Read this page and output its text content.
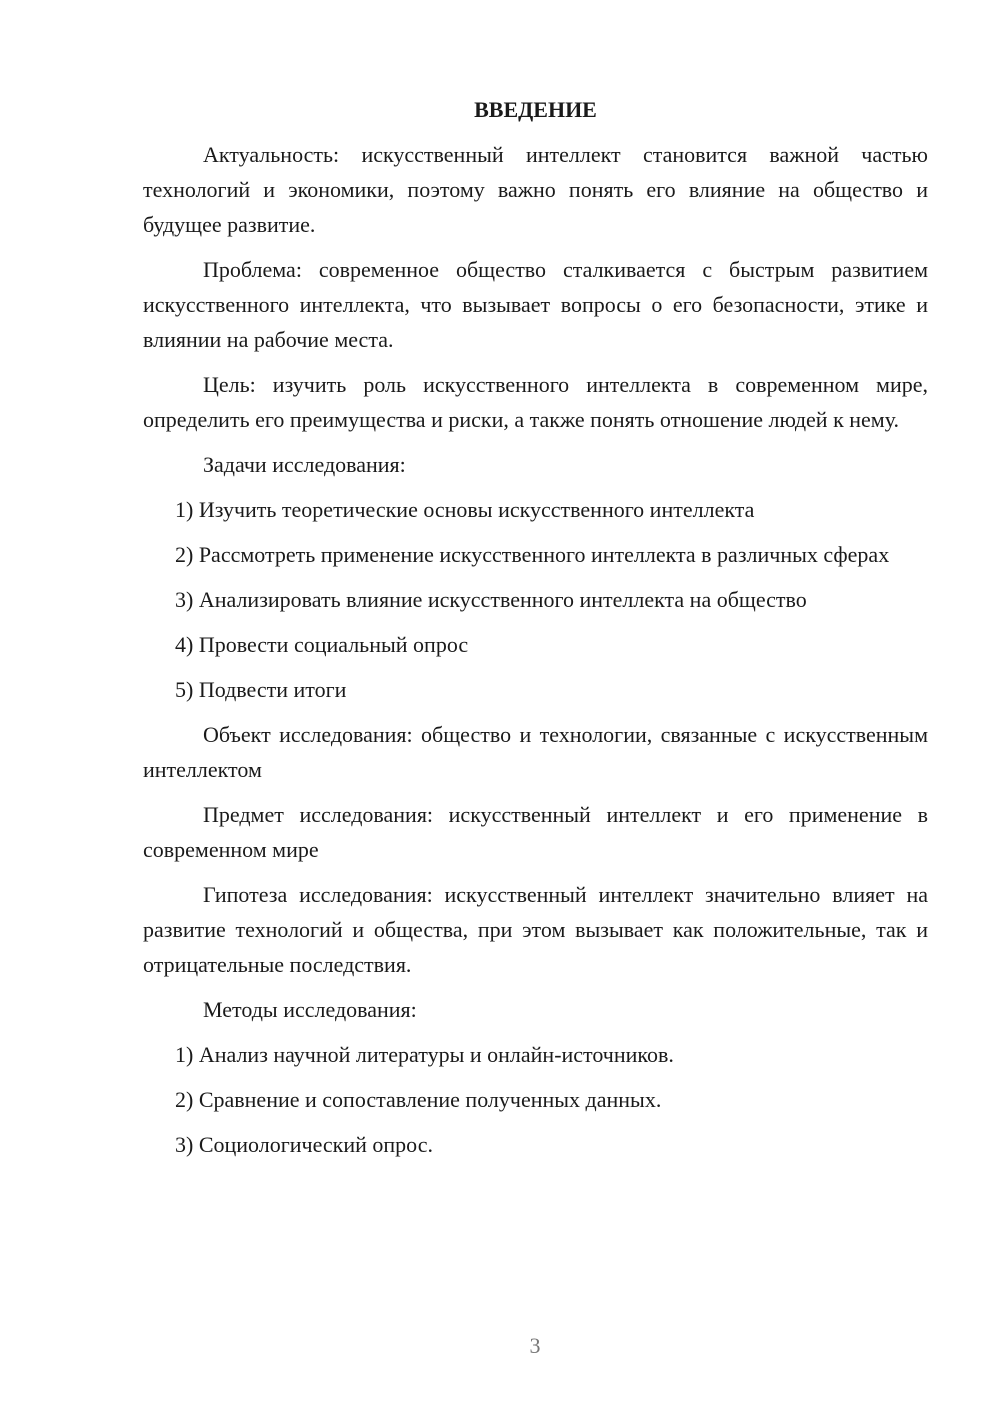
ВВЕДЕНИЕ

Актуальность: искусственный интеллект становится важной частью технологий и экономики, поэтому важно понять его влияние на общество и будущее развитие.

Проблема: современное общество сталкивается с быстрым развитием искусственного интеллекта, что вызывает вопросы о его безопасности, этике и влиянии на рабочие места.

Цель: изучить роль искусственного интеллекта в современном мире, определить его преимущества и риски, а также понять отношение людей к нему.

Задачи исследования:

1) Изучить теоретические основы искусственного интеллекта

2) Рассмотреть применение искусственного интеллекта в различных сферах

3) Анализировать влияние искусственного интеллекта на общество

4) Провести социальный опрос

5) Подвести итоги

Объект исследования: общество и технологии, связанные с искусственным интеллектом

Предмет исследования: искусственный интеллект и его применение в современном мире

Гипотеза исследования: искусственный интеллект значительно влияет на развитие технологий и общества, при этом вызывает как положительные, так и отрицательные последствия.

Методы исследования:

1) Анализ научной литературы и онлайн-источников.

2) Сравнение и сопоставление полученных данных.

3) Социологический опрос.

3
